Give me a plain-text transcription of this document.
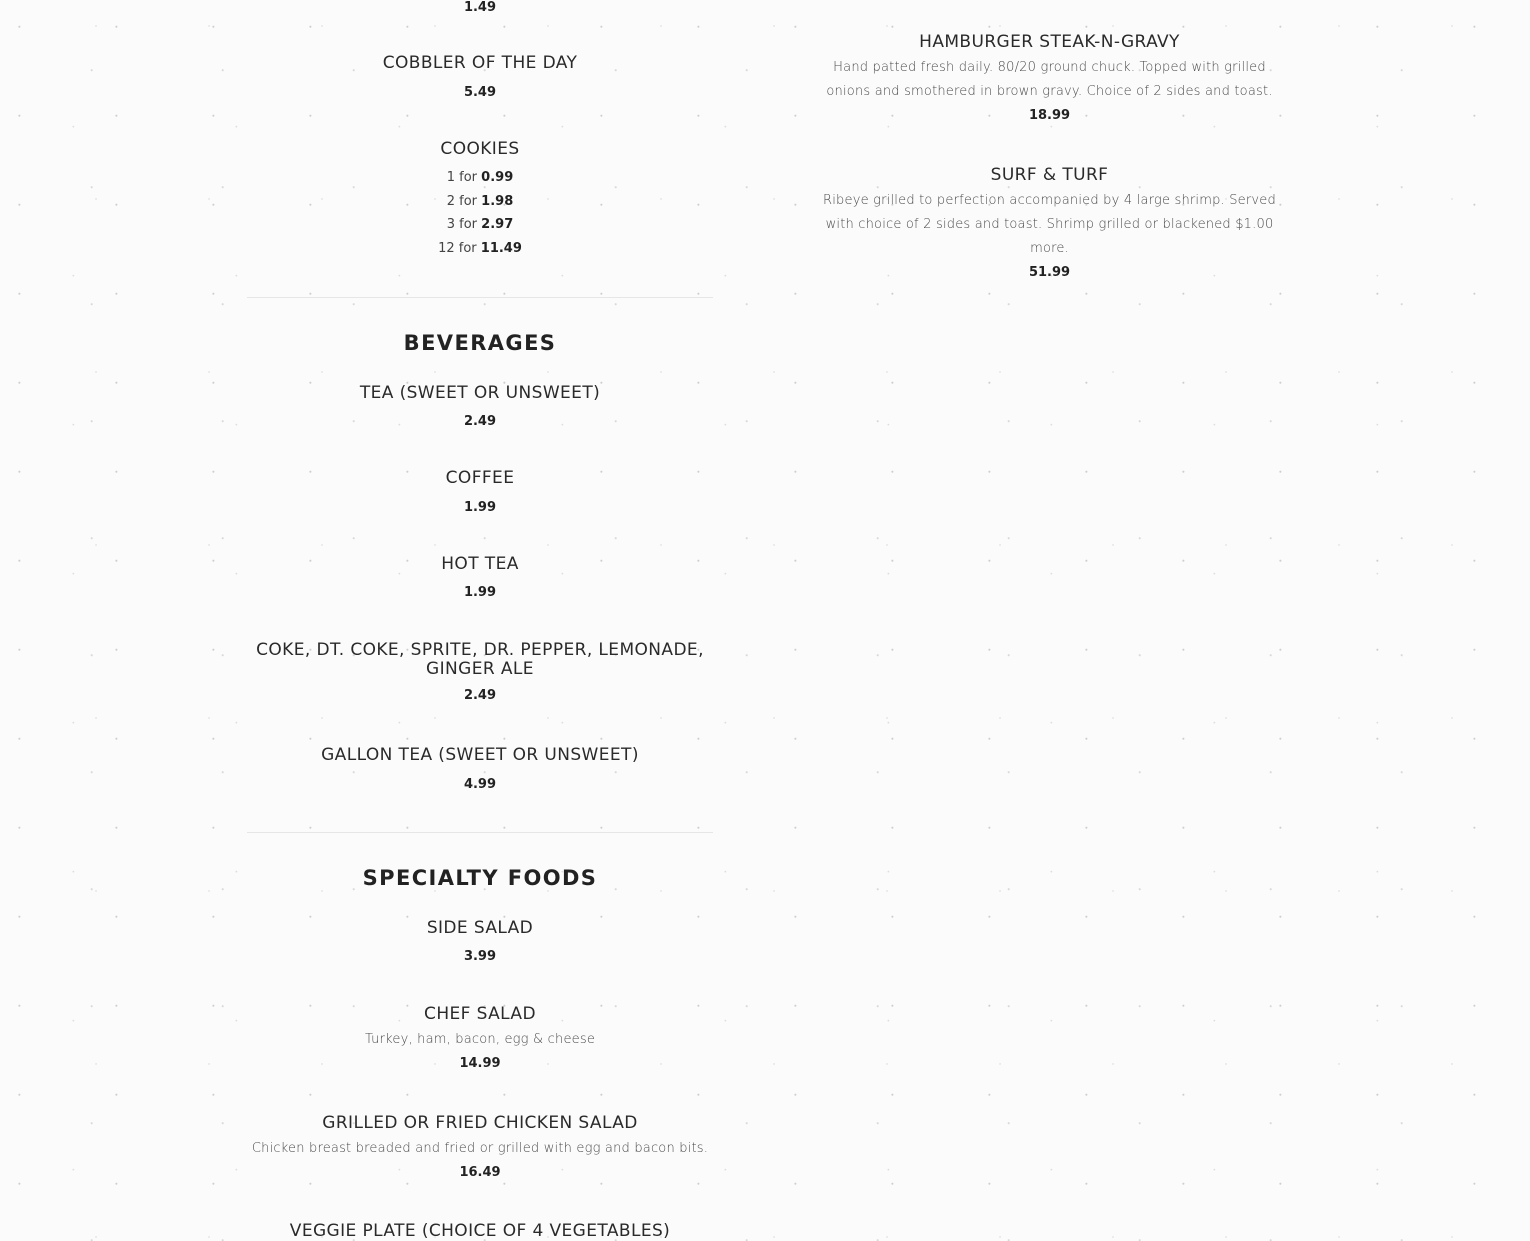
1.49
COBBLER OF THE DAY
5.49
COOKIES
1 for 0.99
2 for 1.98
3 for 2.97
12 for 11.49
BEVERAGES
TEA (SWEET OR UNSWEET)
2.49
COFFEE
1.99
HOT TEA
1.99
COKE, DT. COKE, SPRITE, DR. PEPPER, LEMONADE, GINGER ALE
2.49
GALLON TEA (SWEET OR UNSWEET)
4.99
SPECIALTY FOODS
SIDE SALAD
3.99
CHEF SALAD
Turkey, ham, bacon, egg & cheese
14.99
GRILLED OR FRIED CHICKEN SALAD
Chicken breast breaded and fried or grilled with egg and bacon bits.
16.49
VEGGIE PLATE (CHOICE OF 4 VEGETABLES)
HAMBURGER STEAK-N-GRAVY
Hand patted fresh daily. 80/20 ground chuck. Topped with grilled onions and smothered in brown gravy. Choice of 2 sides and toast.
18.99
SURF & TURF
Ribeye grilled to perfection accompanied by 4 large shrimp. Served with choice of 2 sides and toast. Shrimp grilled or blackened $1.00 more.
51.99
